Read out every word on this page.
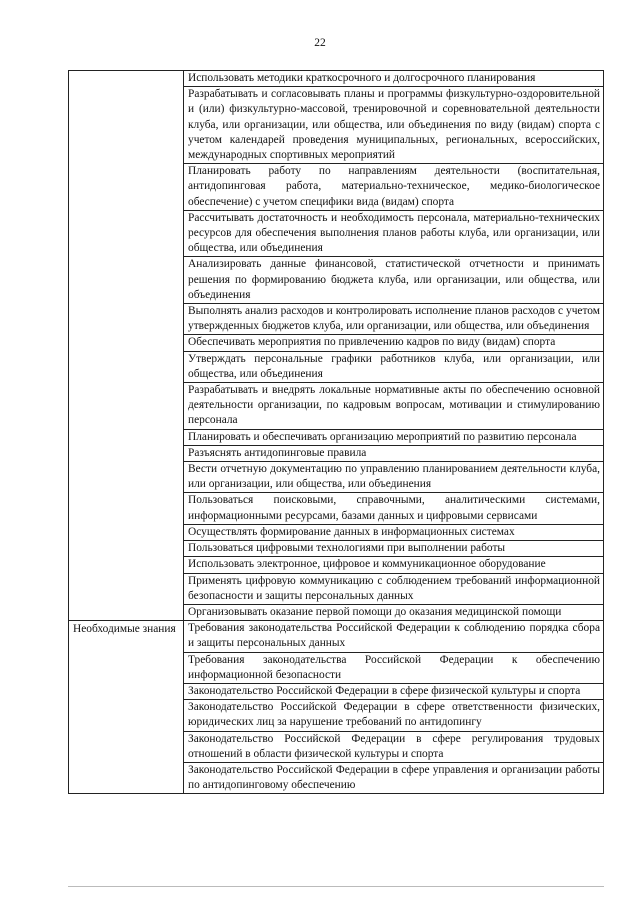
22
	Использовать методики краткосрочного и долгосрочного планирования
	Разрабатывать и согласовывать планы и программы физкультурно-оздоровительной и (или) физкультурно-массовой, тренировочной и соревновательной деятельности клуба, или организации, или общества, или объединения по виду (видам) спорта с учетом календарей проведения муниципальных, региональных, всероссийских, международных спортивных мероприятий
	Планировать работу по направлениям деятельности (воспитательная, антидопинговая работа, материально-техническое, медико-биологическое обеспечение) с учетом специфики вида (видам) спорта
	Рассчитывать достаточность и необходимость персонала, материально-технических ресурсов для обеспечения выполнения планов работы клуба, или организации, или общества, или объединения
	Анализировать данные финансовой, статистической отчетности и принимать решения по формированию бюджета клуба, или организации, или общества, или объединения
	Выполнять анализ расходов и контролировать исполнение планов расходов с учетом утвержденных бюджетов клуба, или организации, или общества, или объединения
	Обеспечивать мероприятия по привлечению кадров по виду (видам) спорта
	Утверждать персональные графики работников клуба, или организации, или общества, или объединения
	Разрабатывать и внедрять локальные нормативные акты по обеспечению основной деятельности организации, по кадровым вопросам, мотивации и стимулированию персонала
	Планировать и обеспечивать организацию мероприятий по развитию персонала
	Разъяснять антидопинговые правила
	Вести отчетную документацию по управлению планированием деятельности клуба, или организации, или общества, или объединения
	Пользоваться поисковыми, справочными, аналитическими системами, информационными ресурсами, базами данных и цифровыми сервисами
	Осуществлять формирование данных в информационных системах
	Пользоваться цифровыми технологиями при выполнении работы
	Использовать электронное, цифровое и коммуникационное оборудование
	Применять цифровую коммуникацию с соблюдением требований информационной безопасности и защиты персональных данных
	Организовывать оказание первой помощи до оказания медицинской помощи

Необходимые знания	Требования законодательства Российской Федерации к соблюдению порядка сбора и защиты персональных данных
	Требования законодательства Российской Федерации к обеспечению информационной безопасности
	Законодательство Российской Федерации в сфере физической культуры и спорта
	Законодательство Российской Федерации в сфере ответственности физических, юридических лиц за нарушение требований по антидопингу
	Законодательство Российской Федерации в сфере регулирования трудовых отношений в области физической культуры и спорта
	Законодательство Российской Федерации в сфере управления и организации работы по антидопинговому обеспечению
